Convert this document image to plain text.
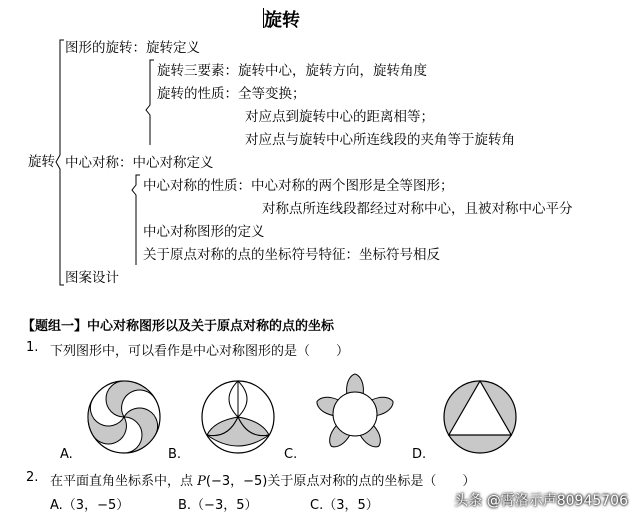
旋转
旋转
图形的旋转：旋转定义
旋转三要素：旋转中心，旋转方向，旋转角度
旋转的性质：全等变换；
对应点到旋转中心的距离相等；
对应点与旋转中心所连线段的夹角等于旋转角
中心对称：中心对称定义
中心对称的性质：中心对称的两个图形是全等图形；
对称点所连线段都经过对称中心，且被对称中心平分
中心对称图形的定义
关于原点对称的点的坐标符号特征：坐标符号相反
图案设计
【题组一】中心对称图形以及关于原点对称的点的坐标
1. 下列图形中，可以看作是中心对称图形的是（　　）
A.	B.	C.	D.
2. 在平面直角坐标系中，点 P(−3，−5)关于原点对称的点的坐标是（　　）
A.（3，−5）	B.（−3，5）	C.（3，5）	头条 @霄洛示声80945706
